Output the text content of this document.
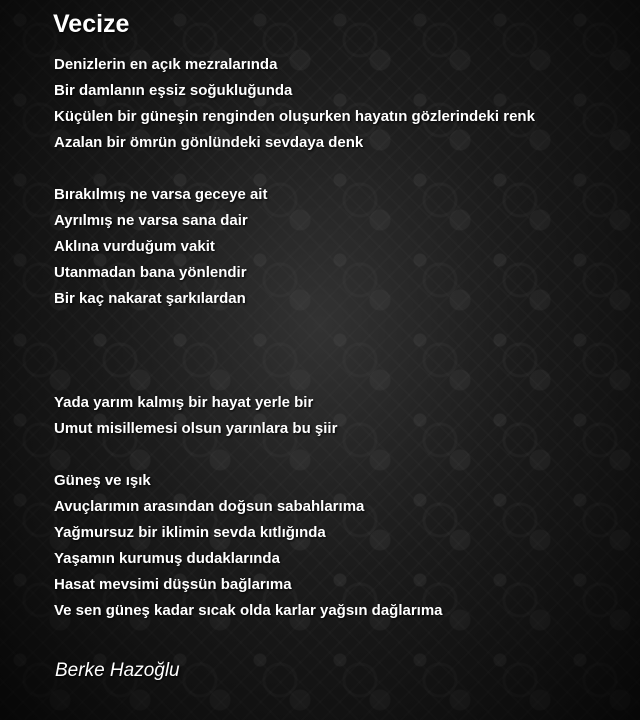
Vecize
Denizlerin en açık mezralarında
Bir damlanın eşsiz soğukluğunda
Küçülen bir güneşin renginden oluşurken hayatın gözlerindeki renk
Azalan bir ömrün gönlündeki sevdaya denk
Bırakılmış ne varsa geceye ait
Ayrılmış ne varsa sana dair
Aklına vurduğum vakit
Utanmadan bana yönlendir
Bir kaç nakarat şarkılardan
Yada yarım kalmış bir hayat yerle bir
Umut misillemesi olsun yarınlara bu şiir
Güneş ve ışık
Avuçlarımın arasından doğsun sabahlarıma
Yağmursuz bir iklimin sevda kıtlığında
Yaşamın kurumuş dudaklarında
Hasat mevsimi düşsün bağlarıma
Ve sen güneş kadar sıcak olda karlar yağsın dağlarıma
Berke Hazoğlu
